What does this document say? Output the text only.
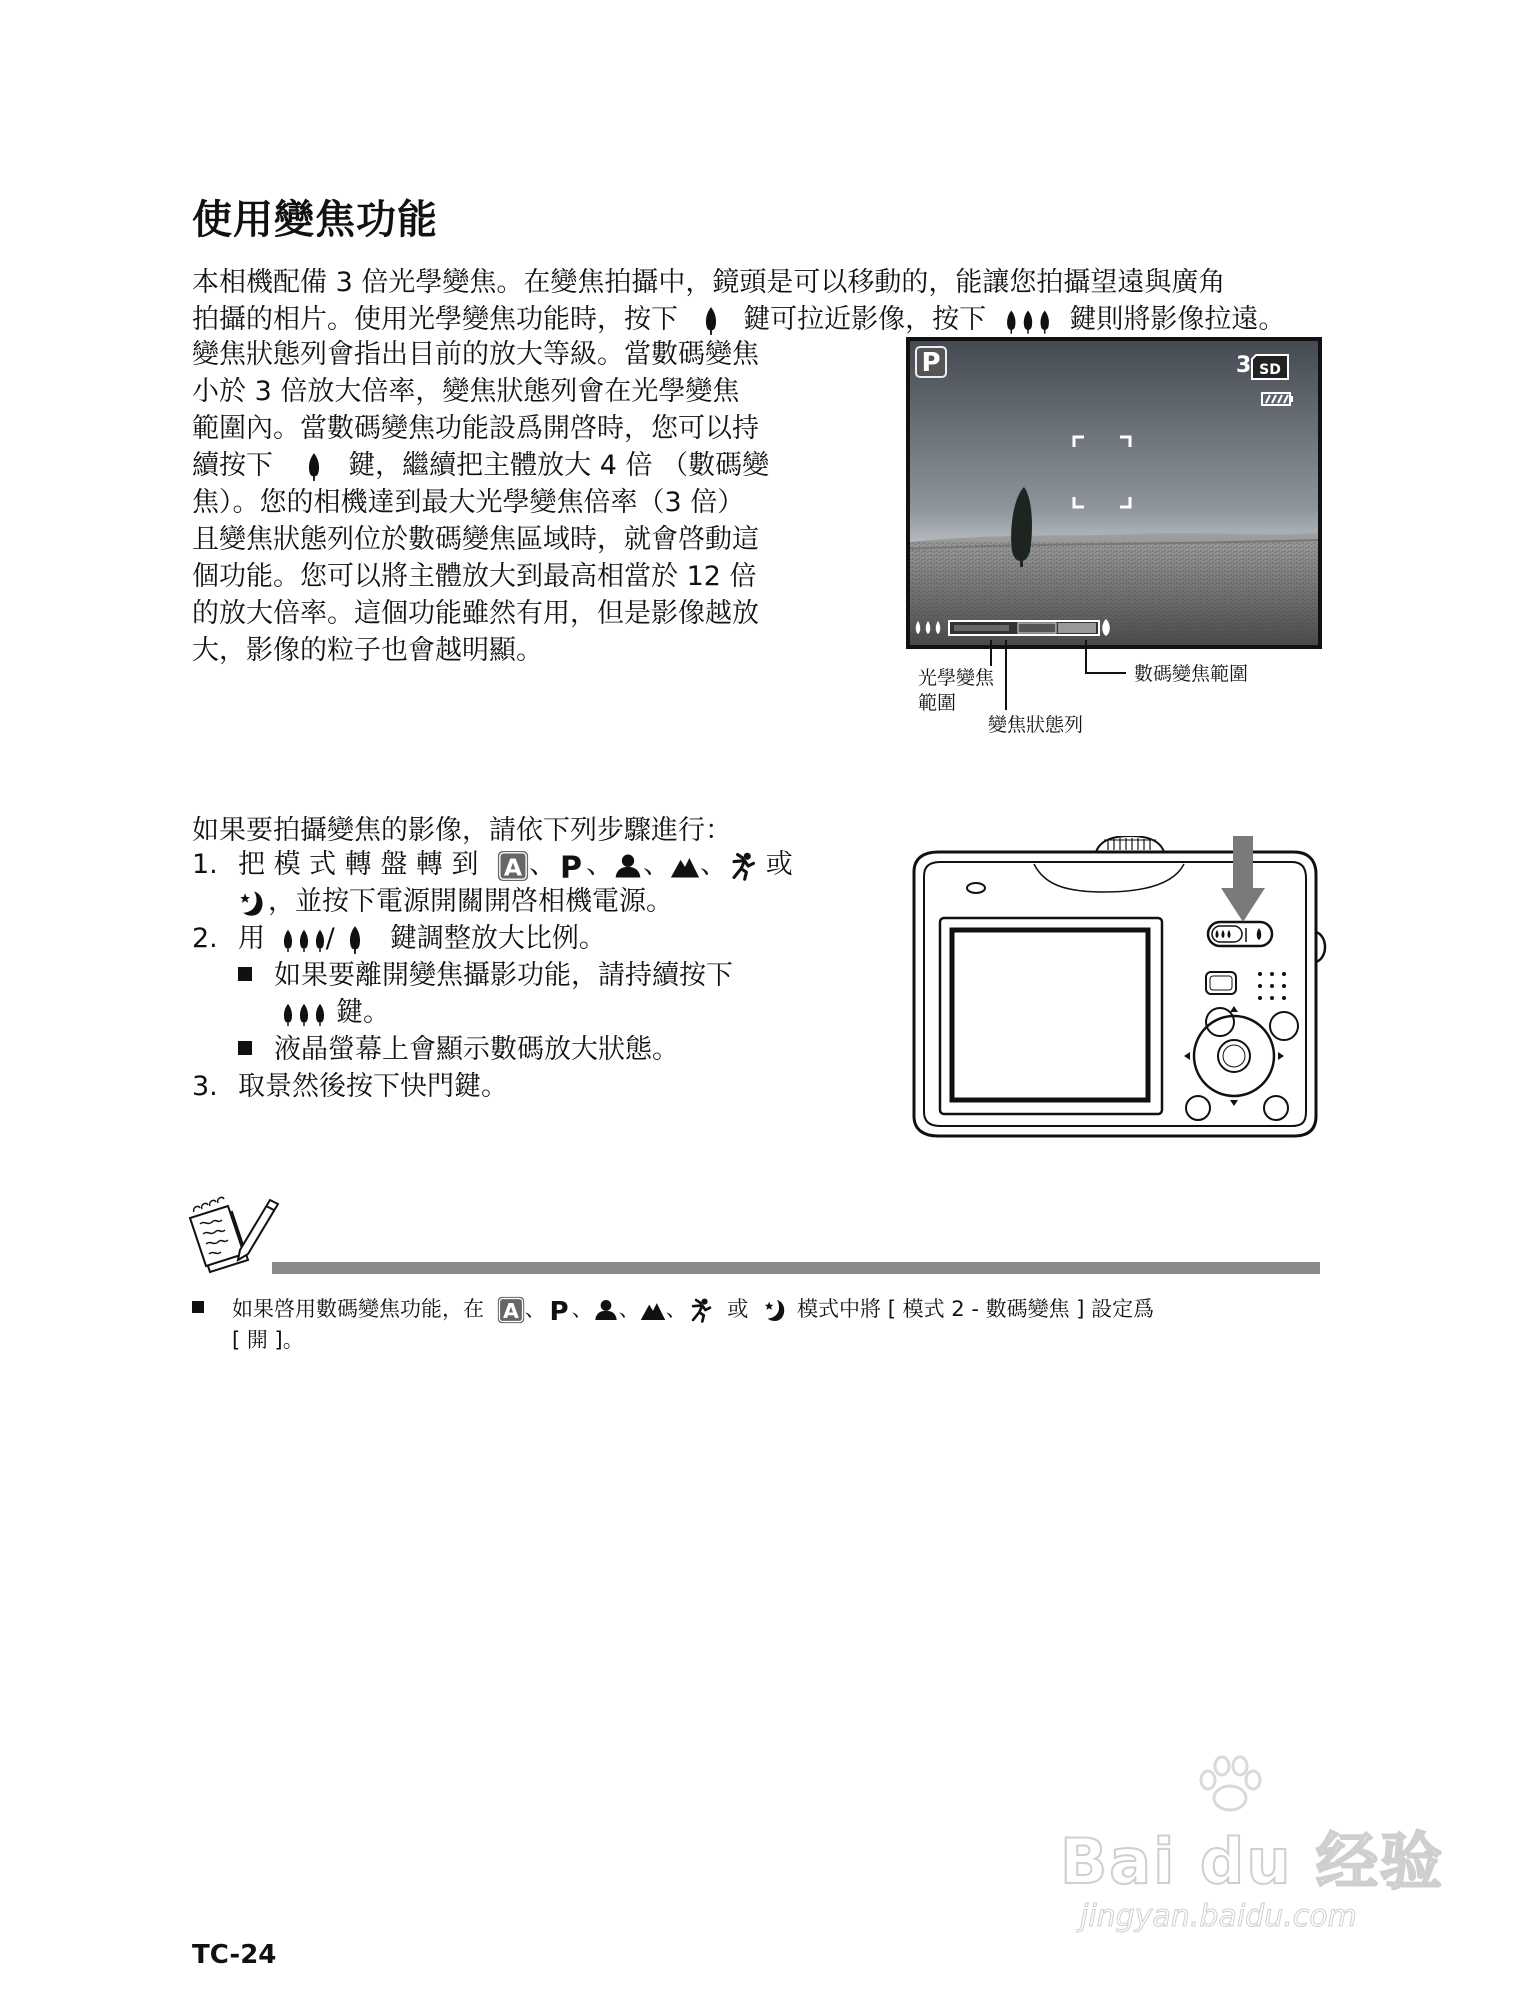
使用變焦功能
本相機配備 3 倍光學變焦。在變焦拍攝中，鏡頭是可以移動的，能讓您拍攝望遠與廣角
拍攝的相片。使用光學變焦功能時，按下 鍵可拉近影像，按下	鍵則將影像拉遠。
變焦狀態列會指出目前的放大等級。當數碼變焦
小於 3 倍放大倍率，變焦狀態列會在光學變焦
範圍內。當數碼變焦功能設爲開啓時，您可以持
續按下	鍵，繼續把主體放大 4 倍 （數碼變
焦）。您的相機達到最大光學變焦倍率（3 倍）
且變焦狀態列位於數碼變焦區域時，就會啓動這
個功能。您可以將主體放大到最高相當於 12 倍
的放大倍率。這個功能雖然有用，但是影像越放
大，影像的粒子也會越明顯。
P	3 SD
光學變焦
範圍
數碼變焦範圍
變焦狀態列
如果要拍攝變焦的影像，請依下列步驟進行：
1. 把 模 式 轉 盤 轉 到 、 、 、 、 或
，並按下電源開關開啓相機電源。
2. 用 / 鍵調整放大比例。
如果要離開變焦攝影功能，請持續按下
鍵。
液晶螢幕上會顯示數碼放大狀態。
3. 取景然後按下快門鍵。
如果啓用數碼變焦功能，在 、 、 、 、 或 模式中將 [ 模式 2 - 數碼變焦 ] 設定爲
[ 開 ]。
Bai du 经验
jingyan.baidu.com
TC-24
